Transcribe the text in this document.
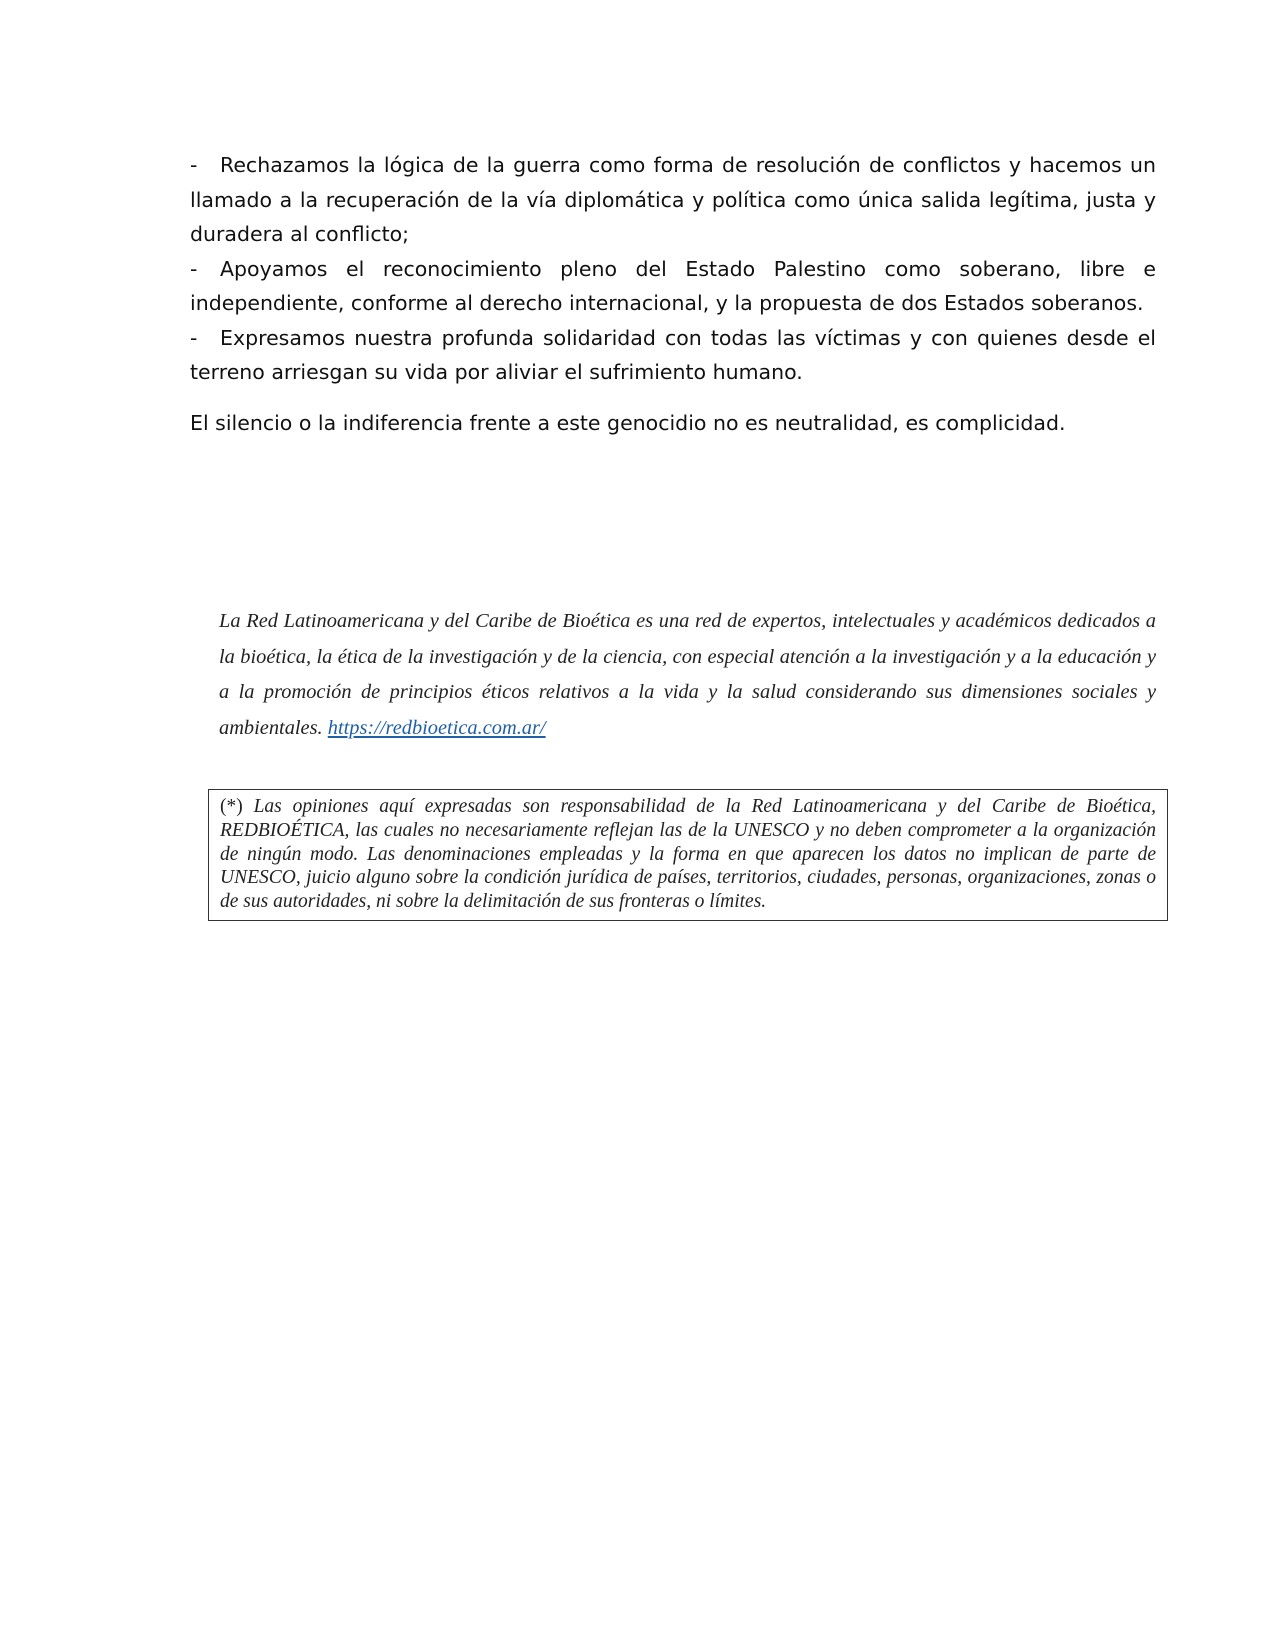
- Rechazamos la lógica de la guerra como forma de resolución de conflictos y hacemos un llamado a la recuperación de la vía diplomática y política como única salida legítima, justa y duradera al conflicto;

- Apoyamos el reconocimiento pleno del Estado Palestino como soberano, libre e independiente, conforme al derecho internacional, y la propuesta de dos Estados soberanos.

- Expresamos nuestra profunda solidaridad con todas las víctimas y con quienes desde el terreno arriesgan su vida por aliviar el sufrimiento humano.

El silencio o la indiferencia frente a este genocidio no es neutralidad, es complicidad.

La Red Latinoamericana y del Caribe de Bioética es una red de expertos, intelectuales y académicos dedicados a la bioética, la ética de la investigación y de la ciencia, con especial atención a la investigación y a la educación y a la promoción de principios éticos relativos a la vida y la salud considerando sus dimensiones sociales y ambientales. https://redbioetica.com.ar/

(*) Las opiniones aquí expresadas son responsabilidad de la Red Latinoamericana y del Caribe de Bioética, REDBIOÉTICA, las cuales no necesariamente reflejan las de la UNESCO y no deben comprometer a la organización de ningún modo. Las denominaciones empleadas y la forma en que aparecen los datos no implican de parte de UNESCO, juicio alguno sobre la condición jurídica de países, territorios, ciudades, personas, organizaciones, zonas o de sus autoridades, ni sobre la delimitación de sus fronteras o límites.
